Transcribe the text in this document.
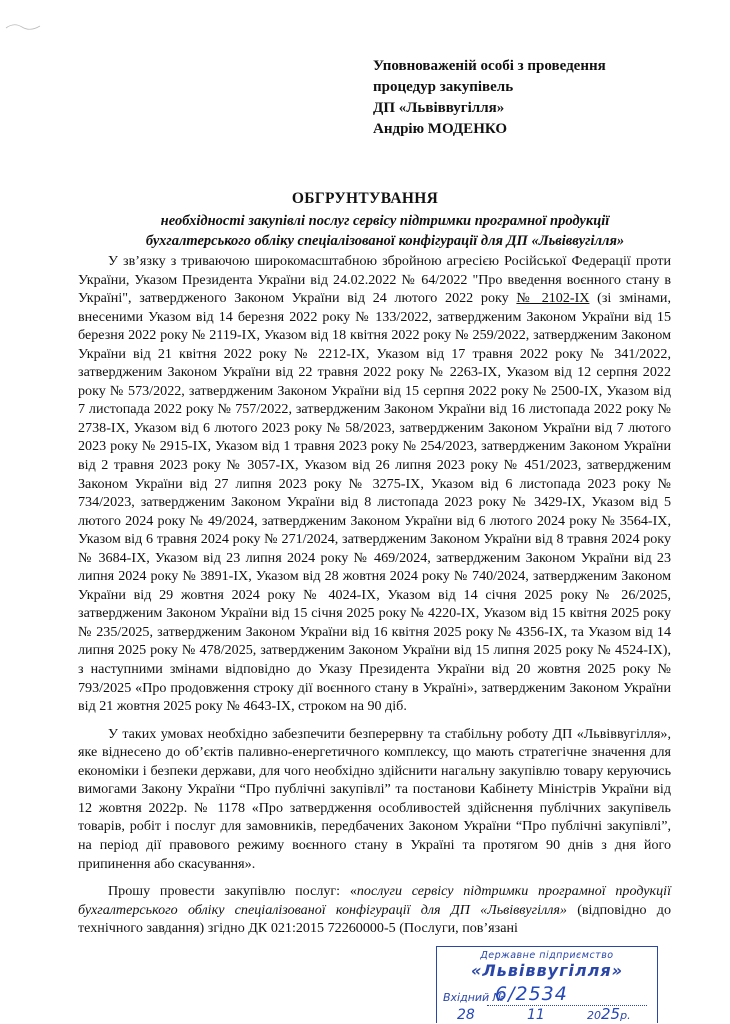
Уповноваженій особі з проведення
процедур закупівель
ДП «Львіввугілля»
Андрію МОДЕНКО
ОБГРУНТУВАННЯ
необхідності закупівлі послуг сервісу підтримки програмної продукції
бухгалтерського обліку спеціалізованої конфігурації для ДП «Львіввугілля»

У зв’язку з триваючою широкомасштабною збройною агресією Російської Федерації проти України, Указом Президента України від 24.02.2022 № 64/2022 "Про введення воєнного стану в Україні", затвердженого Законом України від 24 лютого 2022 року № 2102-IX (зі змінами, внесеними Указом від 14 березня 2022 року № 133/2022, затвердженим Законом України від 15 березня 2022 року № 2119-IX, Указом від 18 квітня 2022 року № 259/2022, затвердженим Законом України від 21 квітня 2022 року № 2212-IX, Указом від 17 травня 2022 року № 341/2022, затвердженим Законом України від 22 травня 2022 року № 2263-IX, Указом від 12 серпня 2022 року № 573/2022, затвердженим Законом України від 15 серпня 2022 року № 2500-IX, Указом від 7 листопада 2022 року № 757/2022, затвердженим Законом України від 16 листопада 2022 року № 2738-IX, Указом від 6 лютого 2023 року № 58/2023, затвердженим Законом України від 7 лютого 2023 року № 2915-IX, Указом від 1 травня 2023 року № 254/2023, затвердженим Законом України від 2 травня 2023 року № 3057-IX, Указом від 26 липня 2023 року № 451/2023, затвердженим Законом України від 27 липня 2023 року № 3275-IX, Указом від 6 листопада 2023 року № 734/2023, затвердженим Законом України від 8 листопада 2023 року № 3429-IX, Указом від 5 лютого 2024 року № 49/2024, затвердженим Законом України від 6 лютого 2024 року № 3564-IX, Указом від 6 травня 2024 року № 271/2024, затвердженим Законом України від 8 травня 2024 року № 3684-IX, Указом від 23 липня 2024 року № 469/2024, затвердженим Законом України від 23 липня 2024 року № 3891-IX, Указом від 28 жовтня 2024 року № 740/2024, затвердженим Законом України від 29 жовтня 2024 року № 4024-IX, Указом від 14 січня 2025 року № 26/2025, затвердженим Законом України від 15 січня 2025 року № 4220-IX, Указом від 15 квітня 2025 року № 235/2025, затвердженим Законом України від 16 квітня 2025 року № 4356-IX, та Указом від 14 липня 2025 року № 478/2025, затвердженим Законом України від 15 липня 2025 року № 4524-IX), з наступними змінами відповідно до Указу Президента України від 20 жовтня 2025 року № 793/2025 «Про продовження строку дії воєнного стану в Україні», затвердженим Законом України від 21 жовтня 2025 року № 4643-IX, строком на 90 діб.

У таких умовах необхідно забезпечити безперервну та стабільну роботу ДП «Львіввугілля», яке віднесено до об’єктів паливно-енергетичного комплексу, що мають стратегічне значення для економіки і безпеки держави, для чого необхідно здійснити нагальну закупівлю товару керуючись вимогами Закону України “Про публічні закупівлі” та постанови Кабінету Міністрів України від 12 жовтня 2022р. № 1178 «Про затвердження особливостей здійснення публічних закупівель товарів, робіт і послуг для замовників, передбачених Законом України “Про публічні закупівлі”, на період дії правового режиму воєнного стану в Україні та протягом 90 днів з дня його припинення або скасування».

Прошу провести закупівлю послуг: «послуги сервісу підтримки програмної продукції бухгалтерського обліку спеціалізованої конфігурації для ДП «Львіввугілля» (відповідно до технічного завдання) згідно ДК 021:2015 72260000-5 (Послуги, пов’язані

Державне підприємство
«Львіввугілля»
Вхідний №
6/2534
28	11	2025р.
